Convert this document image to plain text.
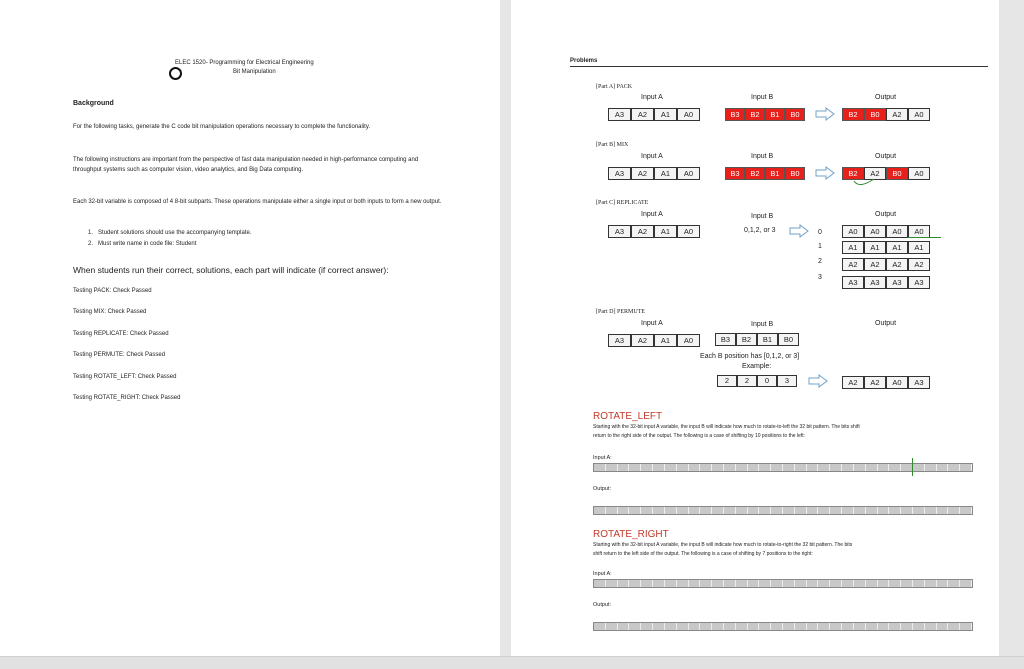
ELEC 1520- Programming for Electrical Engineering
Bit Manipulation
Background
For the following tasks, generate the C code bit manipulation operations necessary to complete the functionality.
The following instructions are important from the perspective of fast data manipulation needed in high-performance computing and throughput systems such as computer vision, video analytics, and Big Data computing.
Each 32-bit variable is composed of 4 8-bit subparts. These operations manipulate either a single input or both inputs to form a new output.
1. Student solutions should use the accompanying template.
2. Must write name in code file: Student
When students run their correct, solutions, each part will indicate (if correct answer):
Testing PACK: Check Passed
Testing MIX: Check Passed
Testing REPLICATE: Check Passed
Testing PERMUTE: Check Passed
Testing ROTATE_LEFT: Check Passed
Testing ROTATE_RIGHT: Check Passed
Problems
[Part A] PACK
Input A	Input B	Output
A3	A2	A1	A0	B3	B2	B1	B0	B2	B0	A2	A0
[Part B] MIX
Input A	Input B	Output
A3	A2	A1	A0	B3	B2	B1	B0	B2	A2	B0	A0
[Part C] REPLICATE
Input A	Input B	Output
A3	A2	A1	A0	0,1,2, or 3	0
1
2
3
A0	A0	A0	A0
A1	A1	A1	A1
A2	A2	A2	A2
A3	A3	A3	A3
[Part D] PERMUTE
Input A	Input B	Output
A3	A2	A1	A0	B3	B2	B1	B0
Each B position has [0,1,2, or 3]
Example:
2	2	0	3	A2	A2	A0	A3
ROTATE_LEFT
Starting with the 32-bit input A variable, the input B will indicate how much to rotate-to-left the 32 bit pattern. The bits shift
return to the right side of the output. The following is a case of shifting by 10 positions to the left:
Input A:
Output:
ROTATE_RIGHT
Starting with the 32-bit input A variable, the input B will indicate how much to rotate-to-right the 32 bit pattern. The bits
shift return to the left side of the output. The following is a case of shifting by 7 positions to the right:
Input A:
Output:
